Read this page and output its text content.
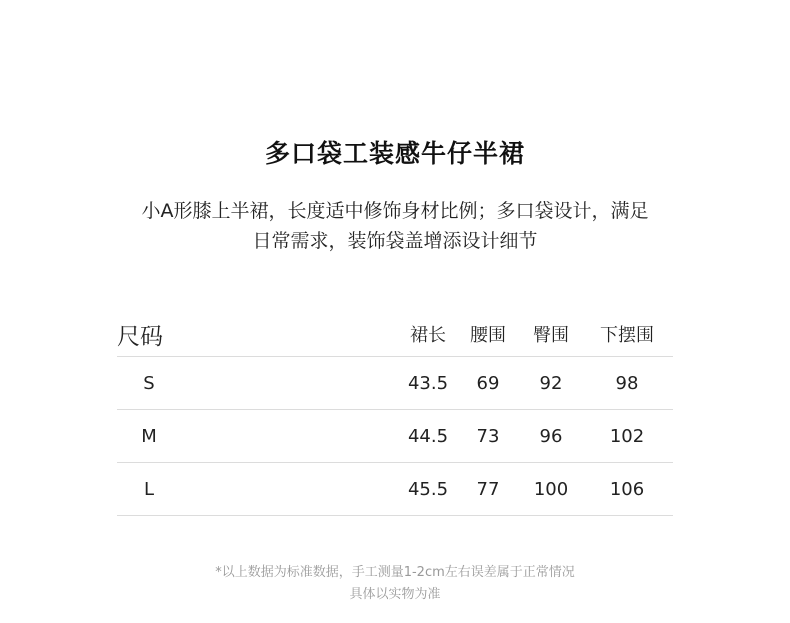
多口袋工装感牛仔半裙
小A形膝上半裙，长度适中修饰身材比例；多口袋设计，满足
日常需求，装饰袋盖增添设计细节
尺码	裙长	腰围	臀围	下摆围
S	43.5	69	92	98
M	44.5	73	96	102
L	45.5	77	100	106
*以上数据为标准数据，手工测量1-2cm左右误差属于正常情况
具体以实物为准
